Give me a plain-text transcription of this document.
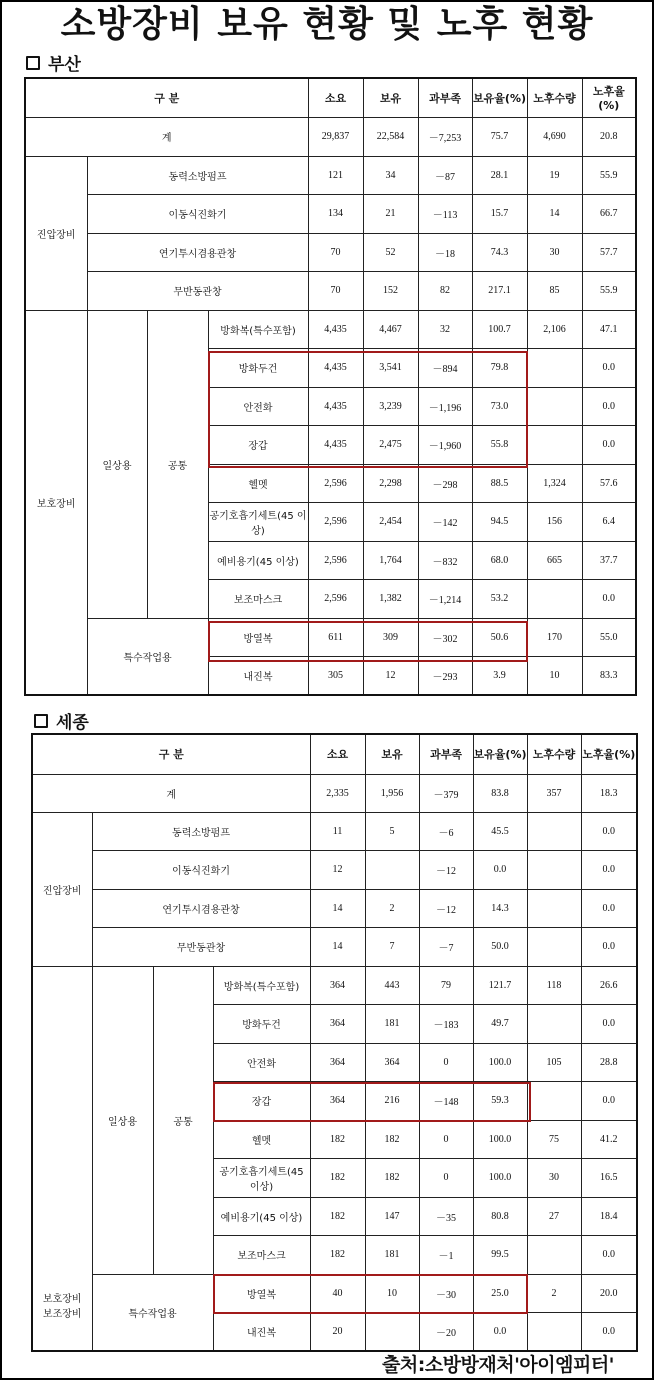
소방장비 보유 현황 및 노후 현황
부산
구 분				소요	보유	과부족	보유율(%)	노후수량	노후율(%)
계				29,837	22,584	－7,253	75.7	4,690	20.8
진압장비	동력소방펌프			121	34	－87	28.1	19	55.9
	이동식진화기			134	21	－113	15.7	14	66.7
	연기투시겸용관창			70	52	－18	74.3	30	57.7
	무반동관창			70	152	82	217.1	85	55.9
보호장비	일상용	공통	방화복(특수포함)	4,435	4,467	32	100.7	2,106	47.1
			방화두건	4,435	3,541	－894	79.8		0.0
			안전화	4,435	3,239	－1,196	73.0		0.0
			장갑	4,435	2,475	－1,960	55.8		0.0
			헬멧	2,596	2,298	－298	88.5	1,324	57.6
			공기호흡기세트(45 이상)	2,596	2,454	－142	94.5	156	6.4
			예비용기(45 이상)	2,596	1,764	－832	68.0	665	37.7
			보조마스크	2,596	1,382	－1,214	53.2		0.0
	특수작업용		방열복	611	309	－302	50.6	170	55.0
			내진복	305	12	－293	3.9	10	83.3
세종
구 분				소요	보유	과부족	보유율(%)	노후수량	노후율(%)
계				2,335	1,956	－379	83.8	357	18.3
진압장비	동력소방펌프			11	5	－6	45.5		0.0
	이동식진화기			12		－12	0.0		0.0
	연기투시겸용관창			14	2	－12	14.3		0.0
	무반동관창			14	7	－7	50.0		0.0

보호장비
보조장비	일상용	공통	방화복(특수포함)	364	443	79	121.7	118	26.6
			방화두건	364	181	－183	49.7		0.0
			안전화	364	364	0	100.0	105	28.8
			장갑	364	216	－148	59.3		0.0
			헬멧	182	182	0	100.0	75	41.2
			공기호흡기세트(45 이상)	182	182	0	100.0	30	16.5
			예비용기(45 이상)	182	147	－35	80.8	27	18.4
			보조마스크	182	181	－1	99.5		0.0
	특수작업용		방열복	40	10	－30	25.0	2	20.0
			내진복	20		－20	0.0		0.0
출처:소방방재처'아이엠피터'
